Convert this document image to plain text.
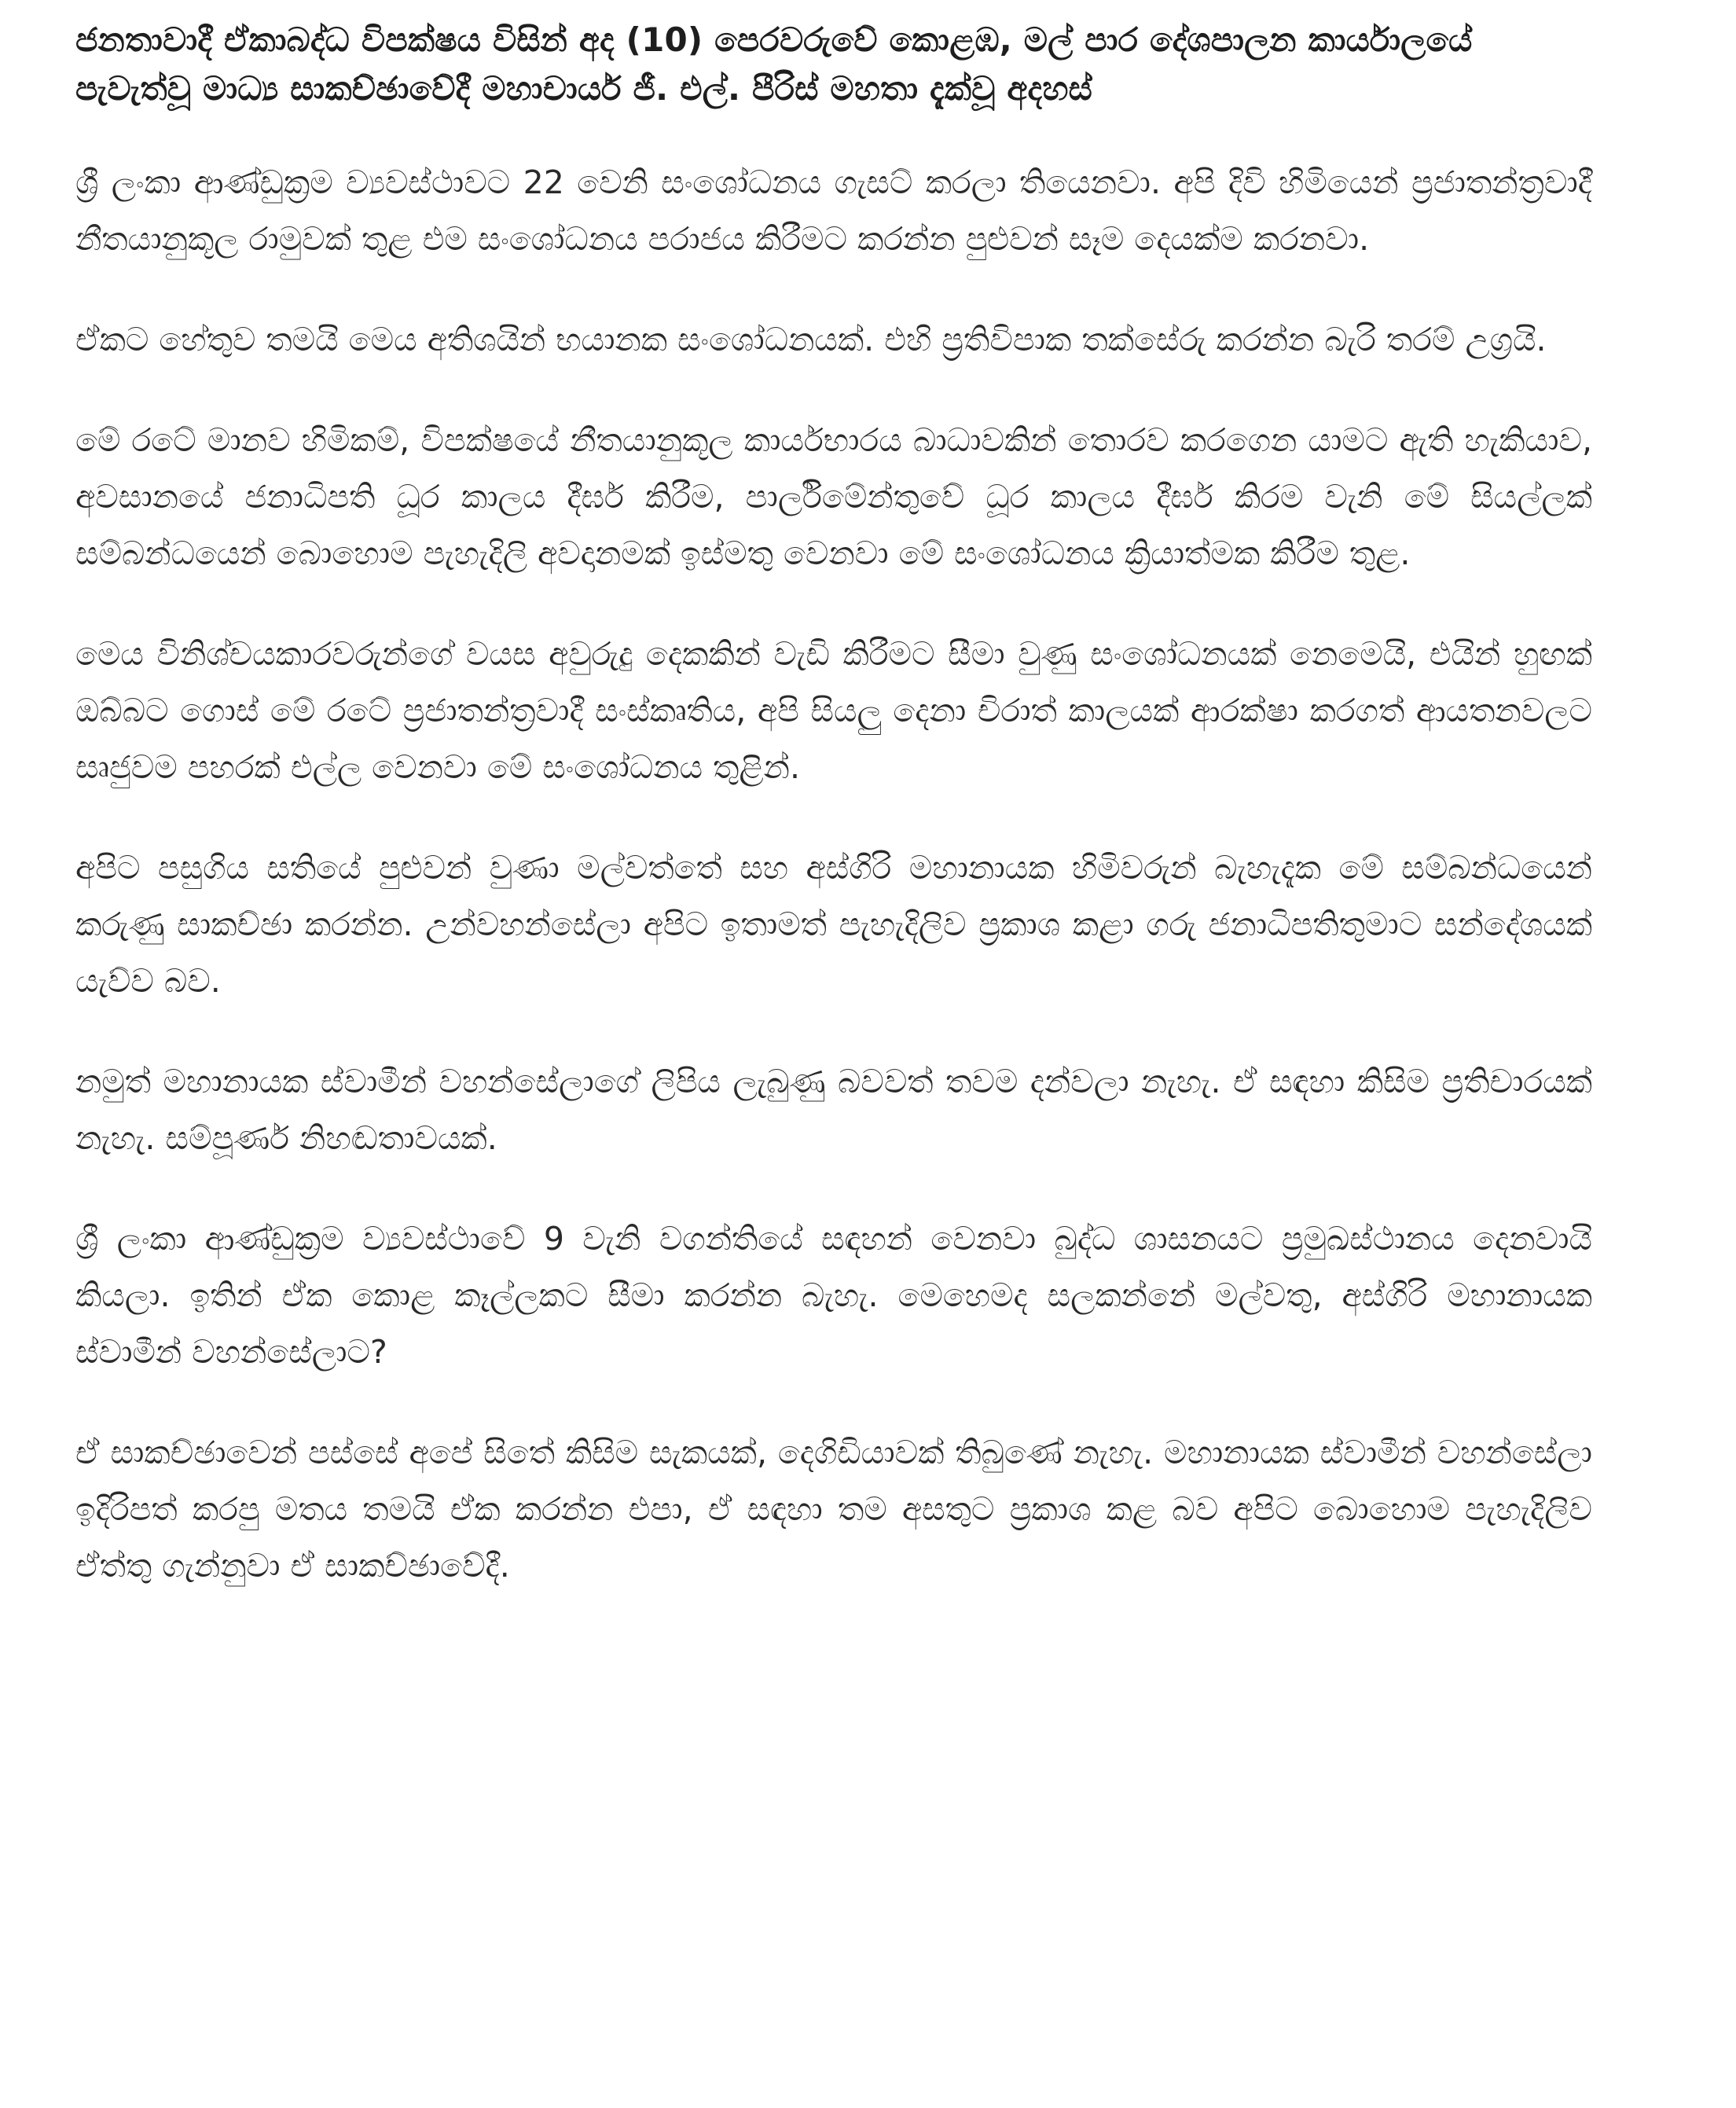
ජනතාවාදී ඒකාබද්ධ විපක්ෂය විසින් අද (10) පෙරවරුවේ කොළඹ, මල් පාර දේශපාලන කාර්යාලයේ පැවැත්වූ මාධ්‍ය සාකච්ඡාවේදී මහාචාර්ය ජී. එල්. පීරිස් මහතා දැක්වූ අදහස්

ශ්‍රී ලංකා ආණ්ඩුක්‍රම ව්‍යවස්ථාවට 22 වෙනි සංශෝධනය ගැසට් කරලා තියෙනවා. අපි දිවි හිමියෙන් ප්‍රජාතන්ත්‍රවාදී නීතයානුකූල රාමුවක් තුළ එම සංශෝධනය පරාජය කිරීමට කරන්න පුළුවන් සෑම දෙයක්ම කරනවා.

ඒකට හේතුව තමයි මෙය අතිශයින් භයානක සංශෝධනයක්. එහි ප්‍රතිවිපාක තක්සේරු කරන්න බැරි තරම් උග්‍රයි.

මේ රටේ මානව හිමිකම්, විපක්ෂයේ නීතයානුකූල කාර්යභාරය බාධාවකින් තොරව කරගෙන යාමට ඇති හැකියාව, අවසානයේ ජනාධිපති ධූර කාලය දීර්ඝ කිරීම, පාර්ලිමේන්තුවේ ධූර කාලය දීර්ඝ කිරම වැනි මේ සියල්ලක් සම්බන්ධයෙන් බොහොම පැහැදිලි අවදානමක් ඉස්මතු වෙනවා මේ සංශෝධනය ක්‍රියාත්මක කිරීම තුළ.

මෙය විනිශ්චයකාරවරුන්ගේ වයස අවුරුදු දෙකකින් වැඩි කිරීමට සීමා වුණු සංශෝධනයක් නෙමෙයි, එයින් හුඟක් ඔබ්බට ගොස් මේ රටේ ප්‍රජාතන්ත්‍රවාදී සංස්කෘතිය, අපි සියලු දෙනා චිරාත් කාලයක් ආරක්ෂා කරගත් ආයතනවලට සෘජුවම පහරක් එල්ල වෙනවා මේ සංශෝධනය තුළින්.

අපිට පසුගිය සතියේ පුළුවන් වුණා මල්වත්තේ සහ අස්ගිරි මහානායක හිමිවරුන් බැහැදැක මේ සම්බන්ධයෙන් කරුණු සාකච්ඡා කරන්න. උන්වහන්සේලා අපිට ඉතාමත් පැහැදිලිව ප්‍රකාශ කළා ගරු ජනාධිපතිතුමාට සන්දේශයක් යැව්ව බව.

නමුත් මහානායක ස්වාමීන් වහන්සේලාගේ ලිපිය ලැබුණු බවවත් තවම දන්වලා නැහැ. ඒ සඳහා කිසිම ප්‍රතිචාරයක් නැහැ. සම්පූර්ණ නිහඬතාවයක්.

ශ්‍රී ලංකා ආණ්ඩුක්‍රම ව්‍යවස්ථාවේ 9 වැනි වගන්තියේ සඳහන් වෙනවා බුද්ධ ශාසනයට ප්‍රමුඛස්ථානය දෙනවායි කියලා. ඉතින් ඒක කොළ කෑල්ලකට සීමා කරන්න බැහැ. මෙහෙමද සලකන්නේ මල්වතු, අස්ගිරි මහානායක ස්වාමීන් වහන්සේලාට?

ඒ සාකච්ඡාවෙන් පස්සේ අපේ සිතේ කිසිම සැකයක්, දෙගිඩියාවක් තිබුණේ නැහැ. මහානායක ස්වාමීන් වහන්සේලා ඉදිරිපත් කරපු මතය තමයි ඒක කරන්න එපා, ඒ සඳහා තම අසතුට ප්‍රකාශ කළ බව අපිට බොහොම පැහැදිලිව ඒත්තු ගැන්නුවා ඒ සාකච්ඡාවේදී.
